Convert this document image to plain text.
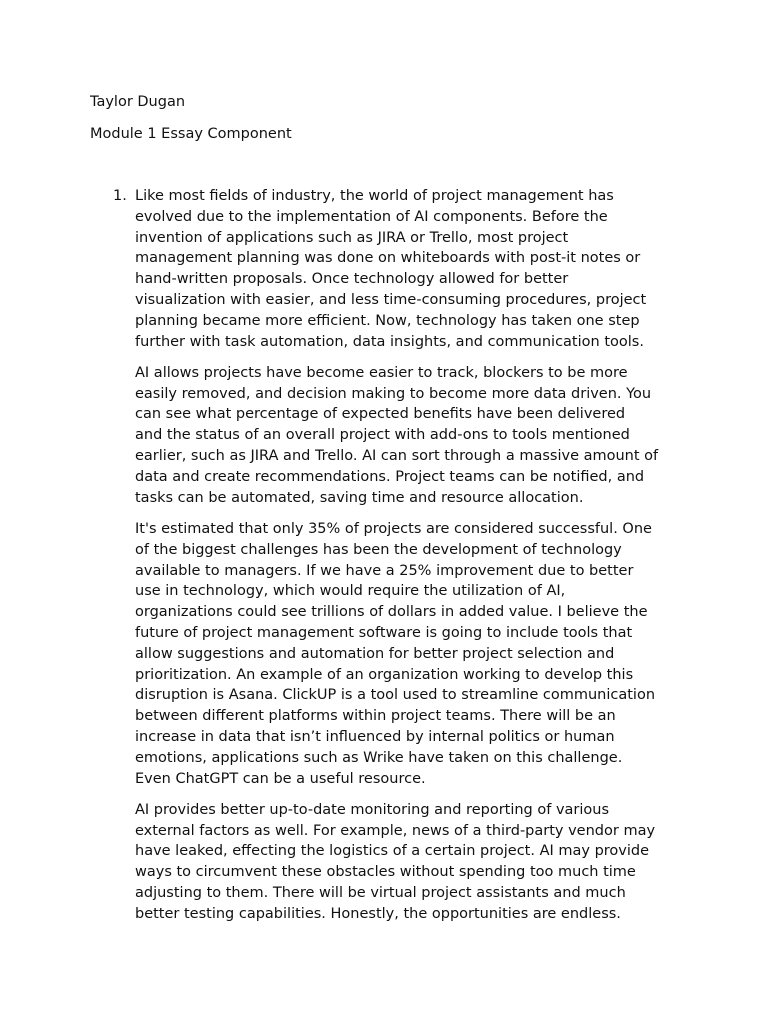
Taylor Dugan

Module 1 Essay Component

1. Like most fields of industry, the world of project management has
evolved due to the implementation of AI components. Before the
invention of applications such as JIRA or Trello, most project
management planning was done on whiteboards with post-it notes or
hand-written proposals. Once technology allowed for better
visualization with easier, and less time-consuming procedures, project
planning became more efficient. Now, technology has taken one step
further with task automation, data insights, and communication tools.

AI allows projects have become easier to track, blockers to be more
easily removed, and decision making to become more data driven. You
can see what percentage of expected benefits have been delivered
and the status of an overall project with add-ons to tools mentioned
earlier, such as JIRA and Trello. AI can sort through a massive amount of
data and create recommendations. Project teams can be notified, and
tasks can be automated, saving time and resource allocation.

It's estimated that only 35% of projects are considered successful. One
of the biggest challenges has been the development of technology
available to managers. If we have a 25% improvement due to better
use in technology, which would require the utilization of AI,
organizations could see trillions of dollars in added value. I believe the
future of project management software is going to include tools that
allow suggestions and automation for better project selection and
prioritization. An example of an organization working to develop this
disruption is Asana. ClickUP is a tool used to streamline communication
between different platforms within project teams. There will be an
increase in data that isn’t influenced by internal politics or human
emotions, applications such as Wrike have taken on this challenge.
Even ChatGPT can be a useful resource.

AI provides better up-to-date monitoring and reporting of various
external factors as well. For example, news of a third-party vendor may
have leaked, effecting the logistics of a certain project. AI may provide
ways to circumvent these obstacles without spending too much time
adjusting to them. There will be virtual project assistants and much
better testing capabilities. Honestly, the opportunities are endless.
